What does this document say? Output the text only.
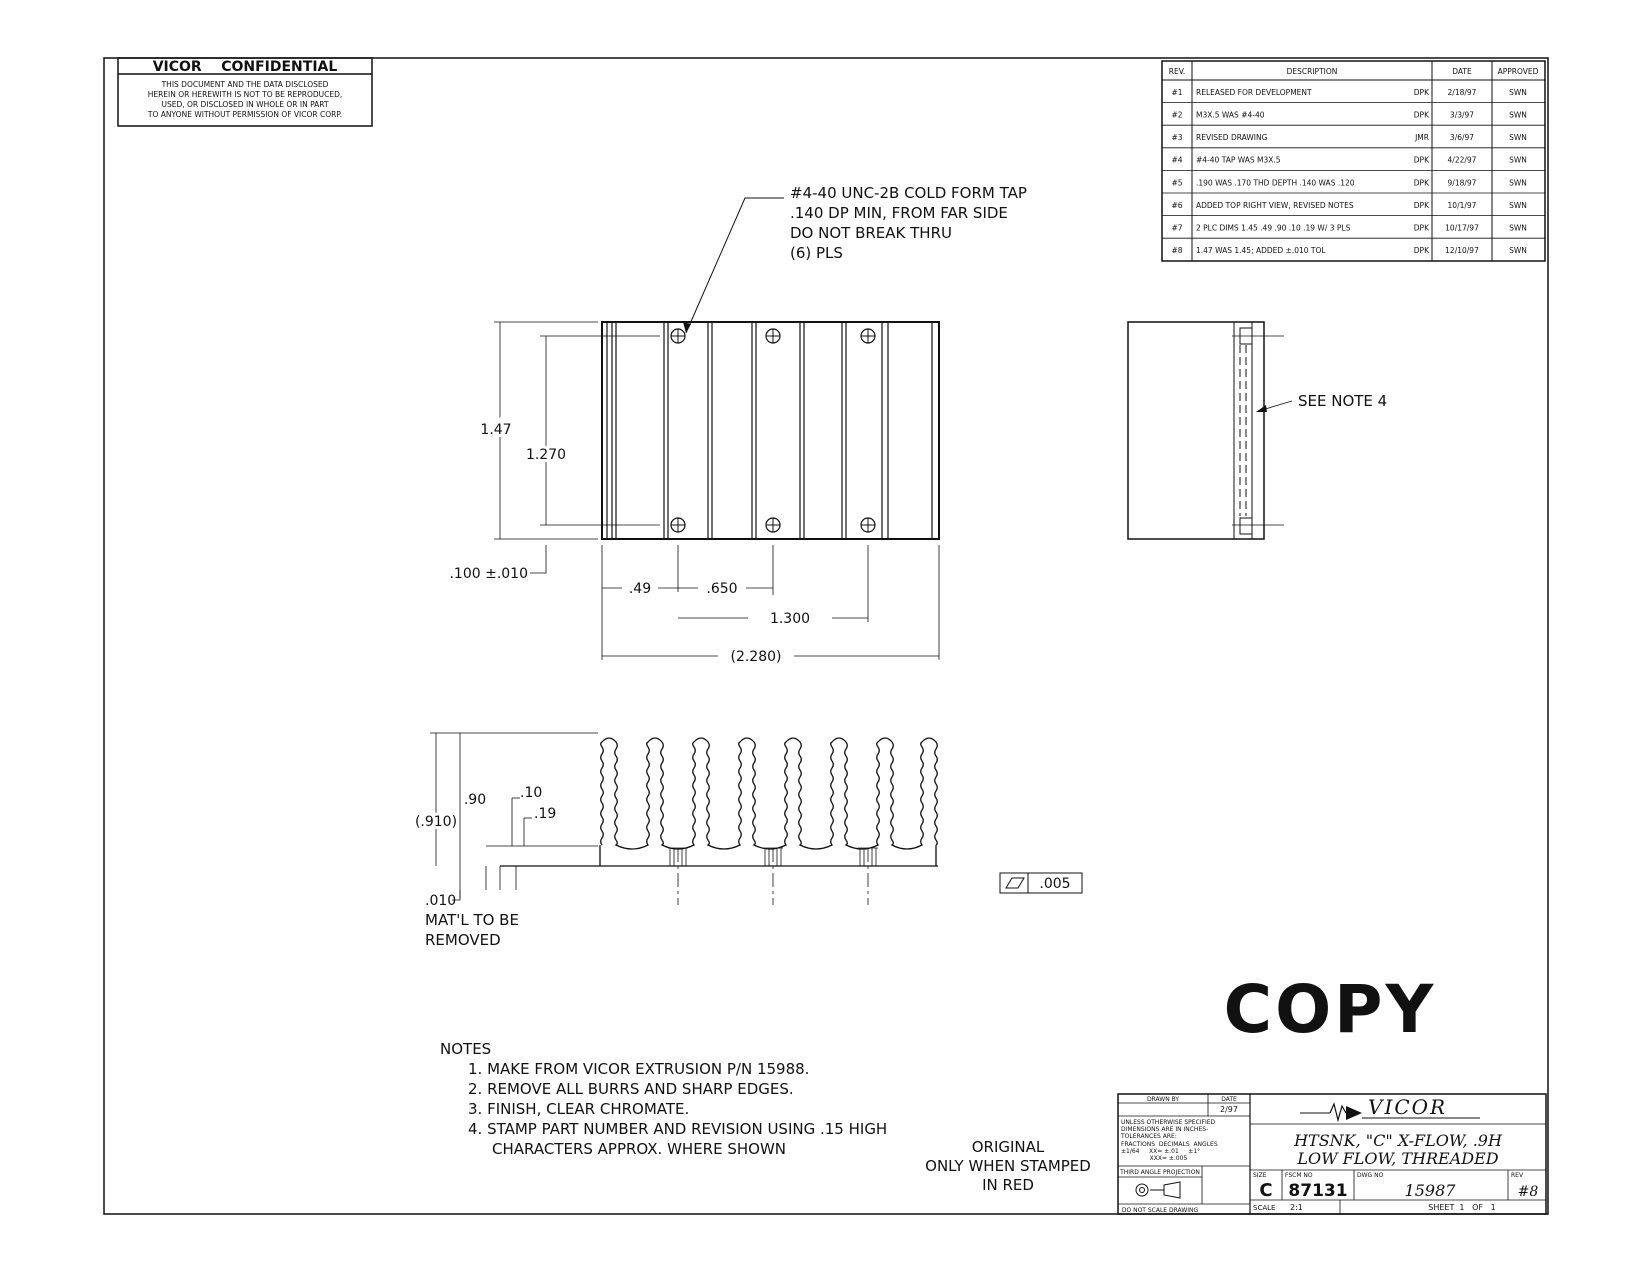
VICOR    CONFIDENTIAL
THIS DOCUMENT AND THE DATA DISCLOSED
HEREIN OR HEREWITH IS NOT TO BE REPRODUCED,
USED, OR DISCLOSED IN WHOLE OR IN PART
TO ANYONE WITHOUT PERMISSION OF VICOR CORP.
REV.	DESCRIPTION	DATE	APPROVED
#1 RELEASED FOR DEVELOPMENT	DPK 2/18/97	SWN
#2 M3X.5 WAS #4-40	DPK	3/3/97	SWN
#3 REVISED DRAWING	JMR	3/6/97	SWN
#4 #4-40 TAP WAS M3X.5	DPK 4/22/97	SWN
#5 .190 WAS .170 THD DEPTH .140 WAS .120	DPK 9/18/97	SWN
#6 ADDED TOP RIGHT VIEW, REVISED NOTES	DPK 10/1/97	SWN
#7 2 PLC DIMS 1.45 .49 .90 .10 .19 W/ 3 PLS	DPK 10/17/97	SWN
#8 1.47 WAS 1.45; ADDED ±.010 TOL	DPK 12/10/97	SWN
#4-40 UNC-2B COLD FORM TAP
.140 DP MIN, FROM FAR SIDE
DO NOT BREAK THRU
(6) PLS
1.47
1.270
.100 ±.010
.49	.650
1.300
(2.280)
SEE NOTE 4
.90
(.910)
.10
.19
.010
MAT'L TO BE
REMOVED
.005
COPY
NOTES
1. MAKE FROM VICOR EXTRUSION P/N 15988.
2. REMOVE ALL BURRS AND SHARP EDGES.
3. FINISH, CLEAR CHROMATE.
4. STAMP PART NUMBER AND REVISION USING .15 HIGH
CHARACTERS APPROX. WHERE SHOWN	ORIGINAL
ONLY WHEN STAMPED
IN RED
DRAWN BY	DATE
2/97
UNLESS OTHERWISE SPECIFIED
DIMENSIONS ARE IN INCHES-
TOLERANCES ARE:
FRACTIONS  DECIMALS  ANGLES
±1/64     XX= ±.01     ±1°
XXX= ±.005
THIRD ANGLE PROJECTION
DO NOT SCALE DRAWING
VICOR
HTSNK, "C" X-FLOW, .9H
LOW FLOW, THREADED
SIZE
C
FSCM NO
87131
DWG NO
15987
REV
#8
SCALE 2:1	SHEET  1   OF   1
